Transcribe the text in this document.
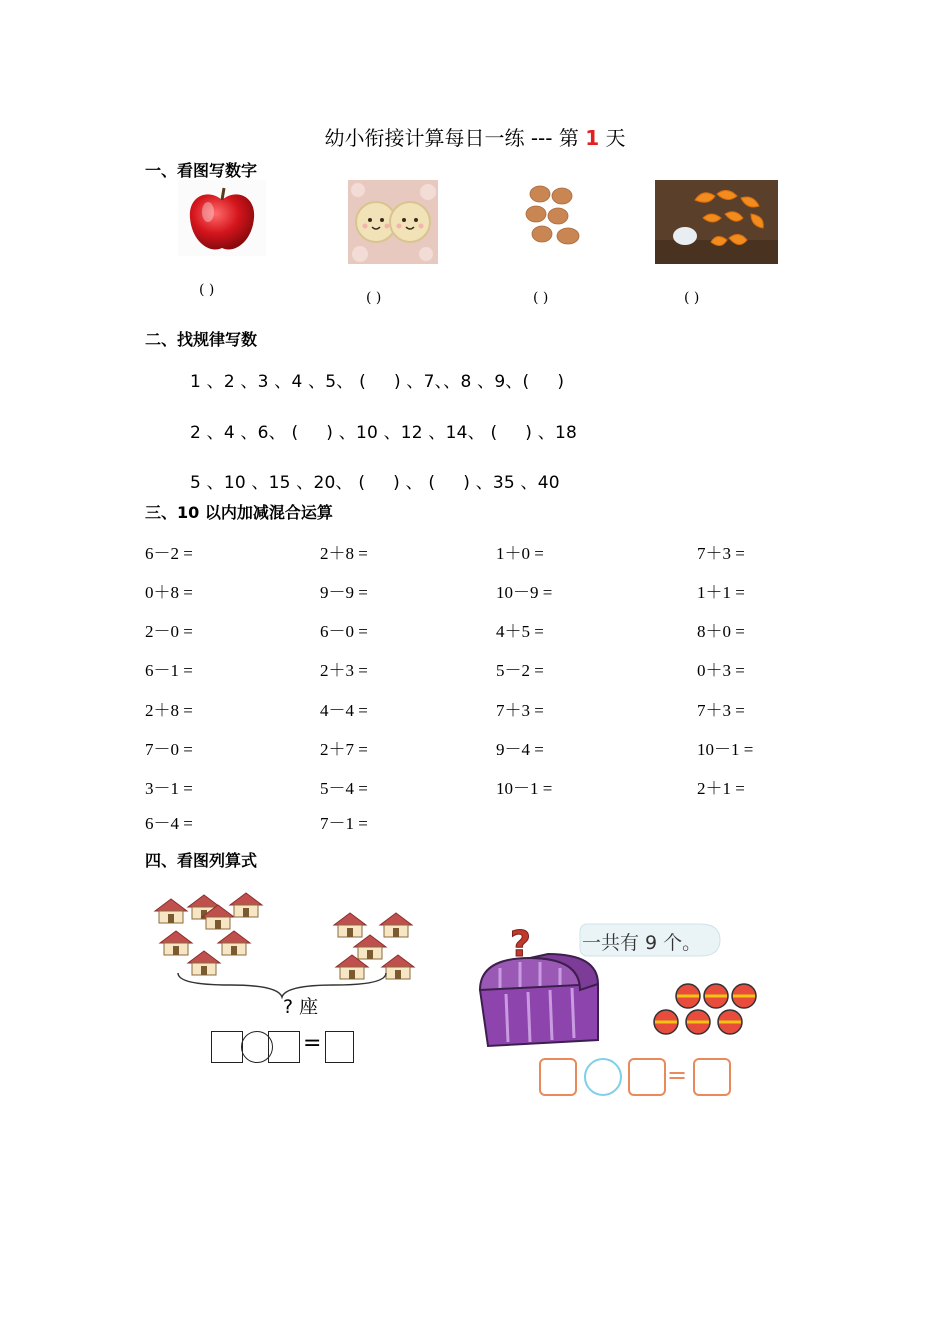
幼小衔接计算每日一练 --- 第 1 天
一、看图写数字
( )	( )	( )	( )
二、找规律写数
1 、2 、3 、4 、5、 (     ) 、7、、8 、9、(     )
2 、4 、6、 (     ) 、10 、12 、14、 (     ) 、18
5 、10 、15 、20、 (     ) 、 (     ) 、35 、40
三、10 以内加减混合运算
6－2 =	2＋8 =	1＋0 =	7＋3 =
0＋8 =	9－9 =	10－9 =	1＋1 =
2－0 =	6－0 =	4＋5 =	8＋0 =
6－1 =	2＋3 =	5－2 =	0＋3 =
2＋8 =	4－4 =	7＋3 =	7＋3 =
7－0 =	2＋7 =	9－4 =	10－1 =
3－1 =	5－4 =	10－1 =	2＋1 =
6－4 =	7－1 =
四、看图列算式
? 座
=
?	一共有 9 个。
=
